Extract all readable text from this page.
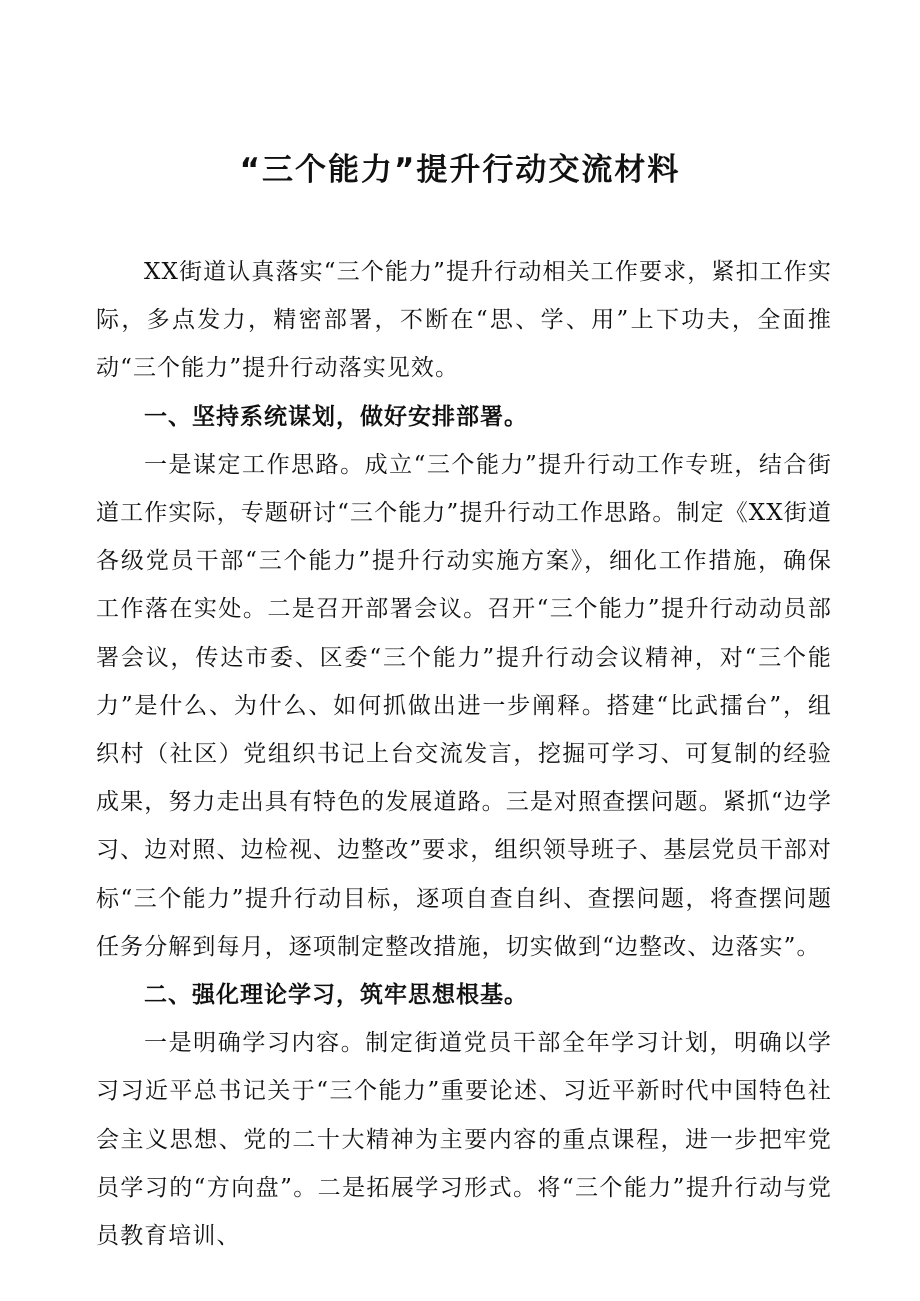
“三个能力”提升行动交流材料

XX街道认真落实“三个能力”提升行动相关工作要求，紧扣工作实际，多点发力，精密部署，不断在“思、学、用”上下功夫，全面推动“三个能力”提升行动落实见效。

一、坚持系统谋划，做好安排部署。

一是谋定工作思路。成立“三个能力”提升行动工作专班，结合街道工作实际，专题研讨“三个能力”提升行动工作思路。制定《XX街道各级党员干部“三个能力”提升行动实施方案》，细化工作措施，确保工作落在实处。二是召开部署会议。召开“三个能力”提升行动动员部署会议，传达市委、区委“三个能力”提升行动会议精神，对“三个能力”是什么、为什么、如何抓做出进一步阐释。搭建“比武擂台”，组织村（社区）党组织书记上台交流发言，挖掘可学习、可复制的经验成果，努力走出具有特色的发展道路。三是对照查摆问题。紧抓“边学习、边对照、边检视、边整改”要求，组织领导班子、基层党员干部对标“三个能力”提升行动目标，逐项自查自纠、查摆问题，将查摆问题任务分解到每月，逐项制定整改措施，切实做到“边整改、边落实”。

二、强化理论学习，筑牢思想根基。

一是明确学习内容。制定街道党员干部全年学习计划，明确以学习习近平总书记关于“三个能力”重要论述、习近平新时代中国特色社会主义思想、党的二十大精神为主要内容的重点课程，进一步把牢党员学习的“方向盘”。二是拓展学习形式。将“三个能力”提升行动与党员教育培训、
